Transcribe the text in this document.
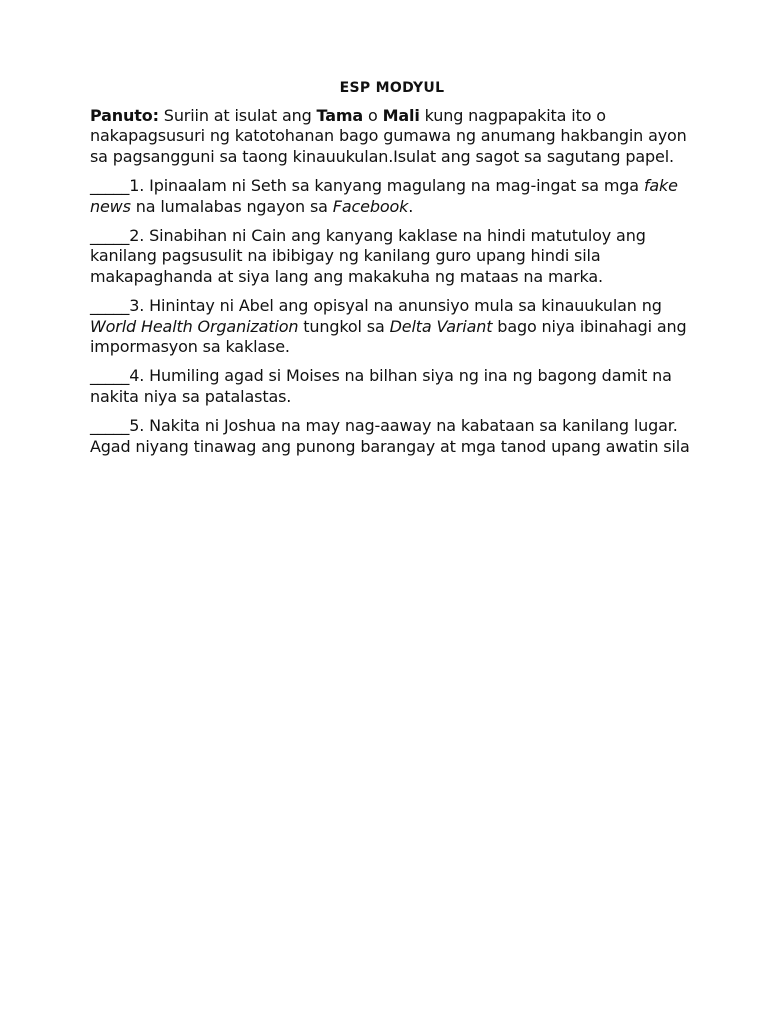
ESP MODYUL

Panuto: Suriin at isulat ang Tama o Mali kung nagpapakita ito o nakapagsusuri ng katotohanan bago gumawa ng anumang hakbangin ayon sa pagsangguni sa taong kinauukulan.Isulat ang sagot sa sagutang papel.

_____1. Ipinaalam ni Seth sa kanyang magulang na mag-ingat sa mga fake news na lumalabas ngayon sa Facebook.

_____2. Sinabihan ni Cain ang kanyang kaklase na hindi matutuloy ang kanilang pagsusulit na ibibigay ng kanilang guro upang hindi sila makapaghanda at siya lang ang makakuha ng mataas na marka.

_____3. Hinintay ni Abel ang opisyal na anunsiyo mula sa kinauukulan ng World Health Organization tungkol sa Delta Variant bago niya ibinahagi ang impormasyon sa kaklase.

_____4. Humiling agad si Moises na bilhan siya ng ina ng bagong damit na nakita niya sa patalastas.

_____5. Nakita ni Joshua na may nag-aaway na kabataan sa kanilang lugar. Agad niyang tinawag ang punong barangay at mga tanod upang awatin sila
